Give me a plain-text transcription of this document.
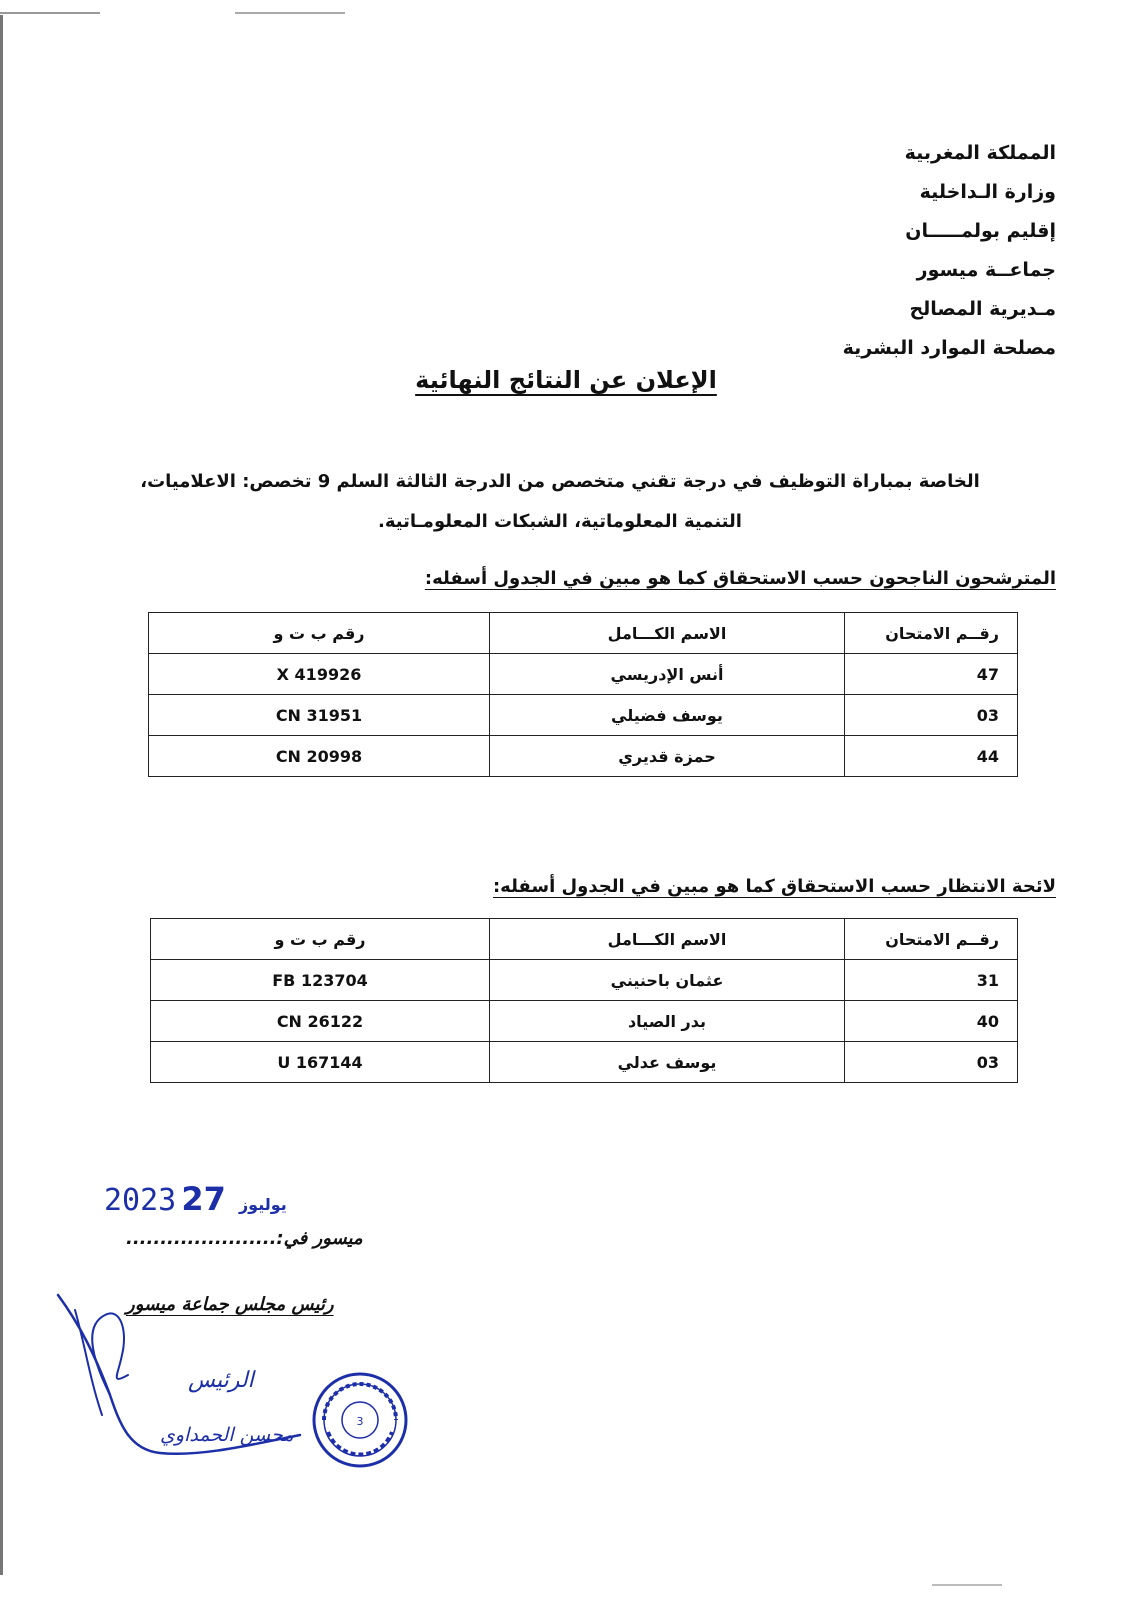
المملكة المغربية
وزارة الـداخلية
إقليم بولمـــــان
جماعــة ميسور
مـديرية المصالح
مصلحة الموارد البشرية
الإعلان عن النتائج النهائية
الخاصة بمباراة التوظيف في درجة تقني متخصص من الدرجة الثالثة السلم 9 تخصص: الاعلاميات،
التنمية المعلوماتية، الشبكات المعلومـاتية.
المترشحون الناجحون حسب الاستحقاق كما هو مبين في الجدول أسفله:
رقــم الامتحان	الاسم الكـــامل	رقم ب ت و
47	أنس الإدريسي	X 419926
03	يوسف فضيلي	CN 31951
44	حمزة قديري	CN 20998
لائحة الانتظار حسب الاستحقاق كما هو مبين في الجدول أسفله:
رقــم الامتحان	الاسم الكـــامل	رقم ب ت و
31	عثمان باحنيني	FB 123704
40	بدر الصياد	CN 26122
03	يوسف عدلي	U 167144
2023	يوليوز 27
ميسور في:......................
رئيس مجلس جماعة ميسور
الرئيس
محسن الحمداوي
3
